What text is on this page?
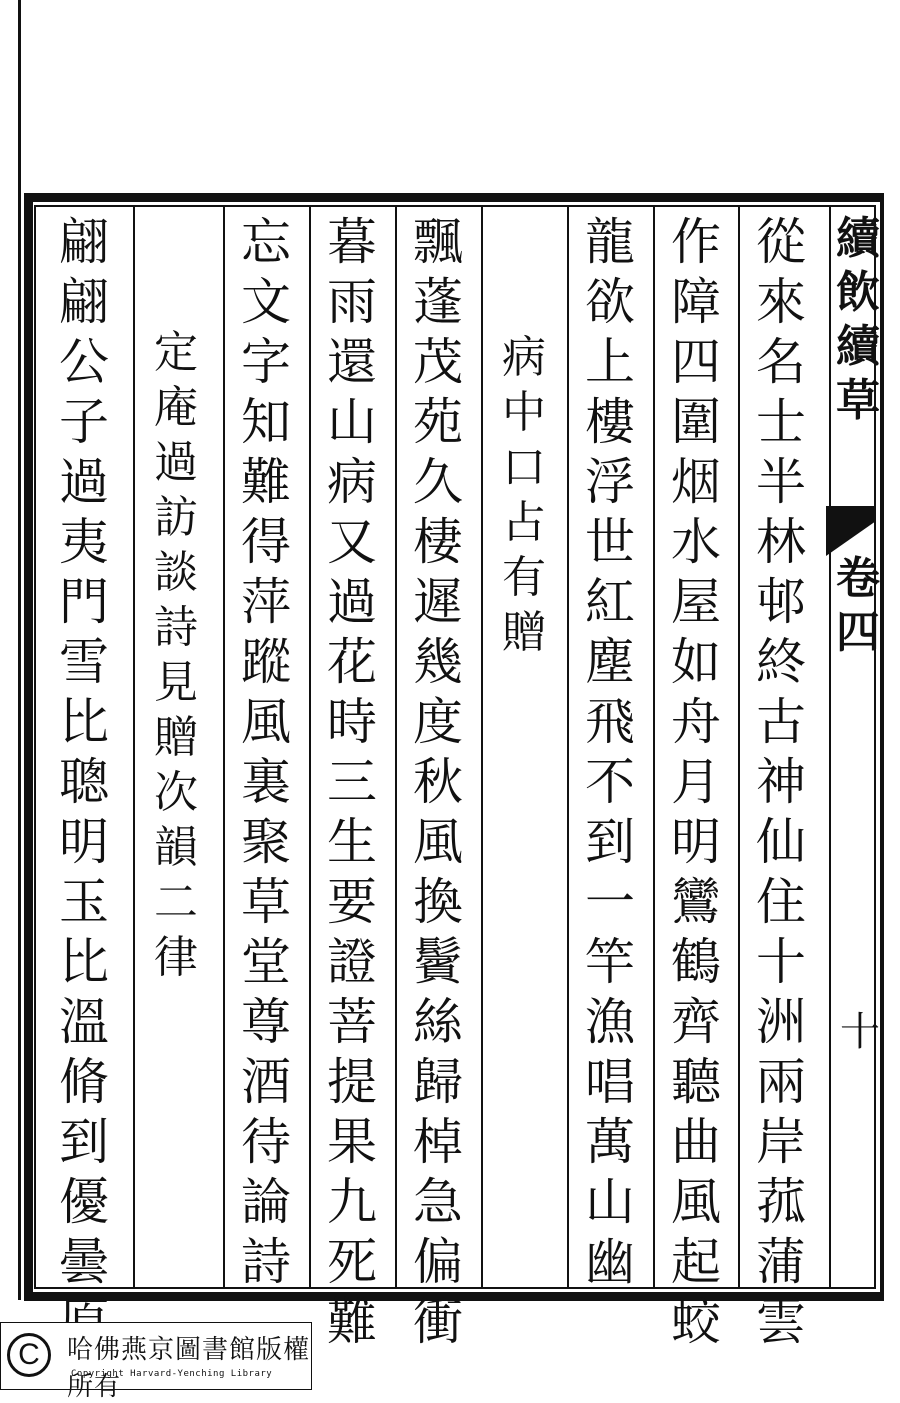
續飲續草
卷四
十
從
來
名
士
半
林
邨
終
古
神
仙
住
十
洲
兩
岸
菰
蒲
雲
作
障
四
圍
烟
水
屋
如
舟
月
明
鸞
鶴
齊
聽
曲
風
起
蛟
龍
欲
上
樓
浮
世
紅
塵
飛
不
到
一
竿
漁
唱
萬
山
幽
病
中
口
占
有
贈
飄
蓬
茂
苑
久
棲
遲
幾
度
秋
風
換
鬢
絲
歸
棹
急
偏
衝
暮
雨
還
山
病
又
過
花
時
三
生
要
證
菩
提
果
九
死
難
忘
文
字
知
難
得
萍
蹤
風
裏
聚
草
堂
尊
酒
待
論
詩
定
庵
過
訪
談
詩
見
贈
次
韻
二
律
翩
翩
公
子
過
夷
門
雪
比
聰
明
玉
比
溫
脩
到
優
曇
C	哈佛燕京圖書館版權所有
Copyright Harvard-Yenching Library
